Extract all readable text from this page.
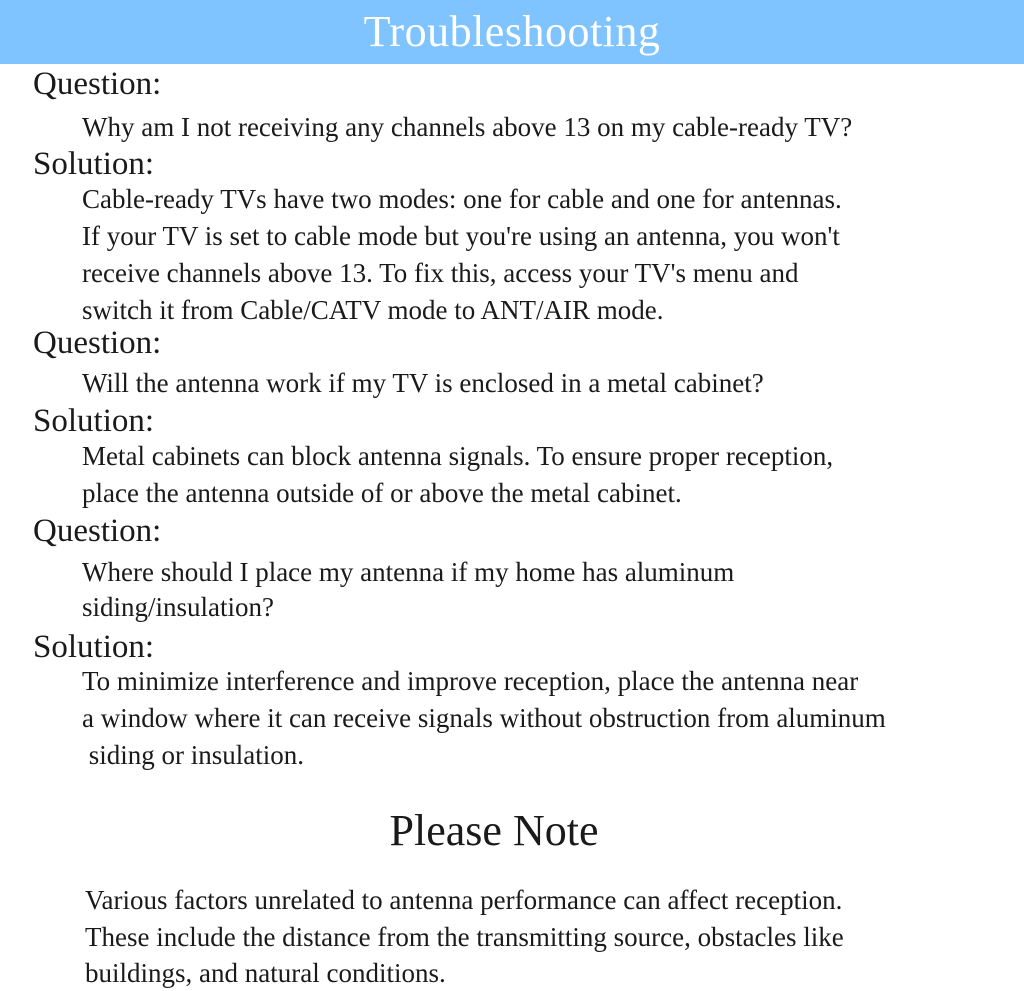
Troubleshooting
Question:
Why am I not receiving any channels above 13 on my cable-ready TV?
Solution:
Cable-ready TVs have two modes: one for cable and one for antennas.
If your TV is set to cable mode but you're using an antenna, you won't
receive channels above 13. To fix this, access your TV's menu and
switch it from Cable/CATV mode to ANT/AIR mode.
Question:
Will the antenna work if my TV is enclosed in a metal cabinet?
Solution:
Metal cabinets can block antenna signals. To ensure proper reception,
place the antenna outside of or above the metal cabinet.
Question:
Where should I place my antenna if my home has aluminum
siding/insulation?
Solution:
To minimize interference and improve reception, place the antenna near
a window where it can receive signals without obstruction from aluminum
siding or insulation.
Please Note
Various factors unrelated to antenna performance can affect reception.
These include the distance from the transmitting source, obstacles like
buildings, and natural conditions.
